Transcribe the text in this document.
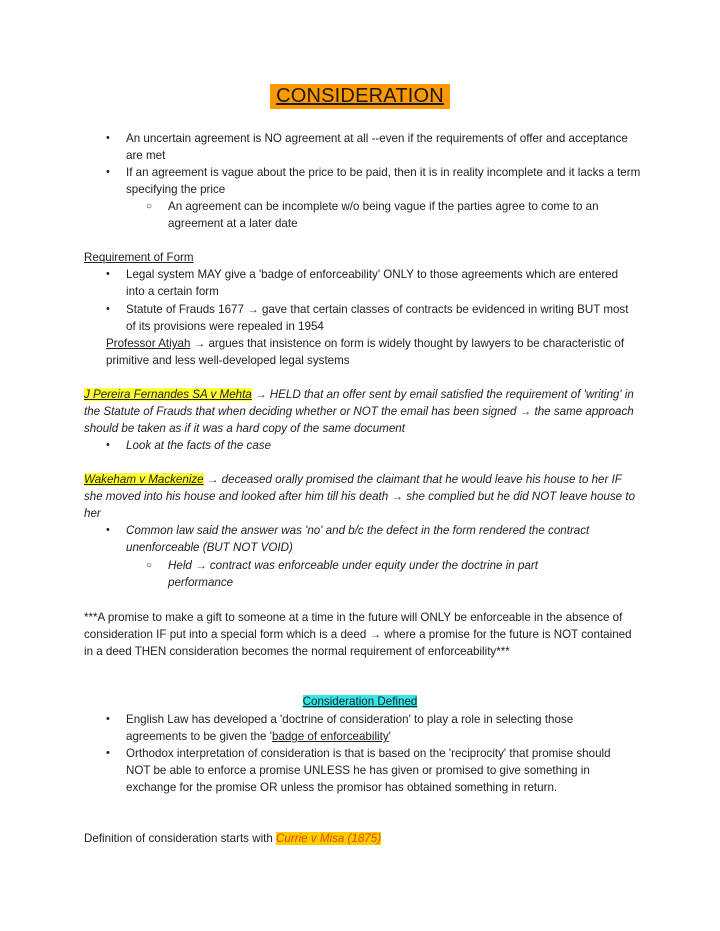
CONSIDERATION
• An uncertain agreement is NO agreement at all --even if the requirements of offer and acceptance are met

• If an agreement is vague about the price to be paid, then it is in reality incomplete and it lacks a term specifying the price

○ An agreement can be incomplete w/o being vague if the parties agree to come to an agreement at a later date

Requirement of Form
• Legal system MAY give a 'badge of enforceability' ONLY to those agreements which are entered into a certain form

• Statute of Frauds 1677 → gave that certain classes of contracts be evidenced in writing BUT most of its provisions were repealed in 1954

Professor Atiyah → argues that insistence on form is widely thought by lawyers to be characteristic of primitive and less well-developed legal systems

J Pereira Fernandes SA v Mehta → HELD that an offer sent by email satisfied the requirement of 'writing' in the Statute of Frauds that when deciding whether or NOT the email has been signed → the same approach should be taken as if it was a hard copy of the same document

• Look at the facts of the case

Wakeham v Mackenize → deceased orally promised the claimant that he would leave his house to her IF she moved into his house and looked after him till his death → she complied but he did NOT leave house to her

• Common law said the answer was 'no' and b/c the defect in the form rendered the contract unenforceable (BUT NOT VOID)

○ Held → contract was enforceable under equity under the doctrine in part performance

***A promise to make a gift to someone at a time in the future will ONLY be enforceable in the absence of consideration IF put into a special form which is a deed → where a promise for the future is NOT contained in a deed THEN consideration becomes the normal requirement of enforceability***

Consideration Defined
• English Law has developed a 'doctrine of consideration' to play a role in selecting those agreements to be given the 'badge of enforceability'

• Orthodox interpretation of consideration is that is based on the 'reciprocity' that promise should NOT be able to enforce a promise UNLESS he has given or promised to give something in exchange for the promise OR unless the promisor has obtained something in return.

Definition of consideration starts with Currie v Misa (1875)
